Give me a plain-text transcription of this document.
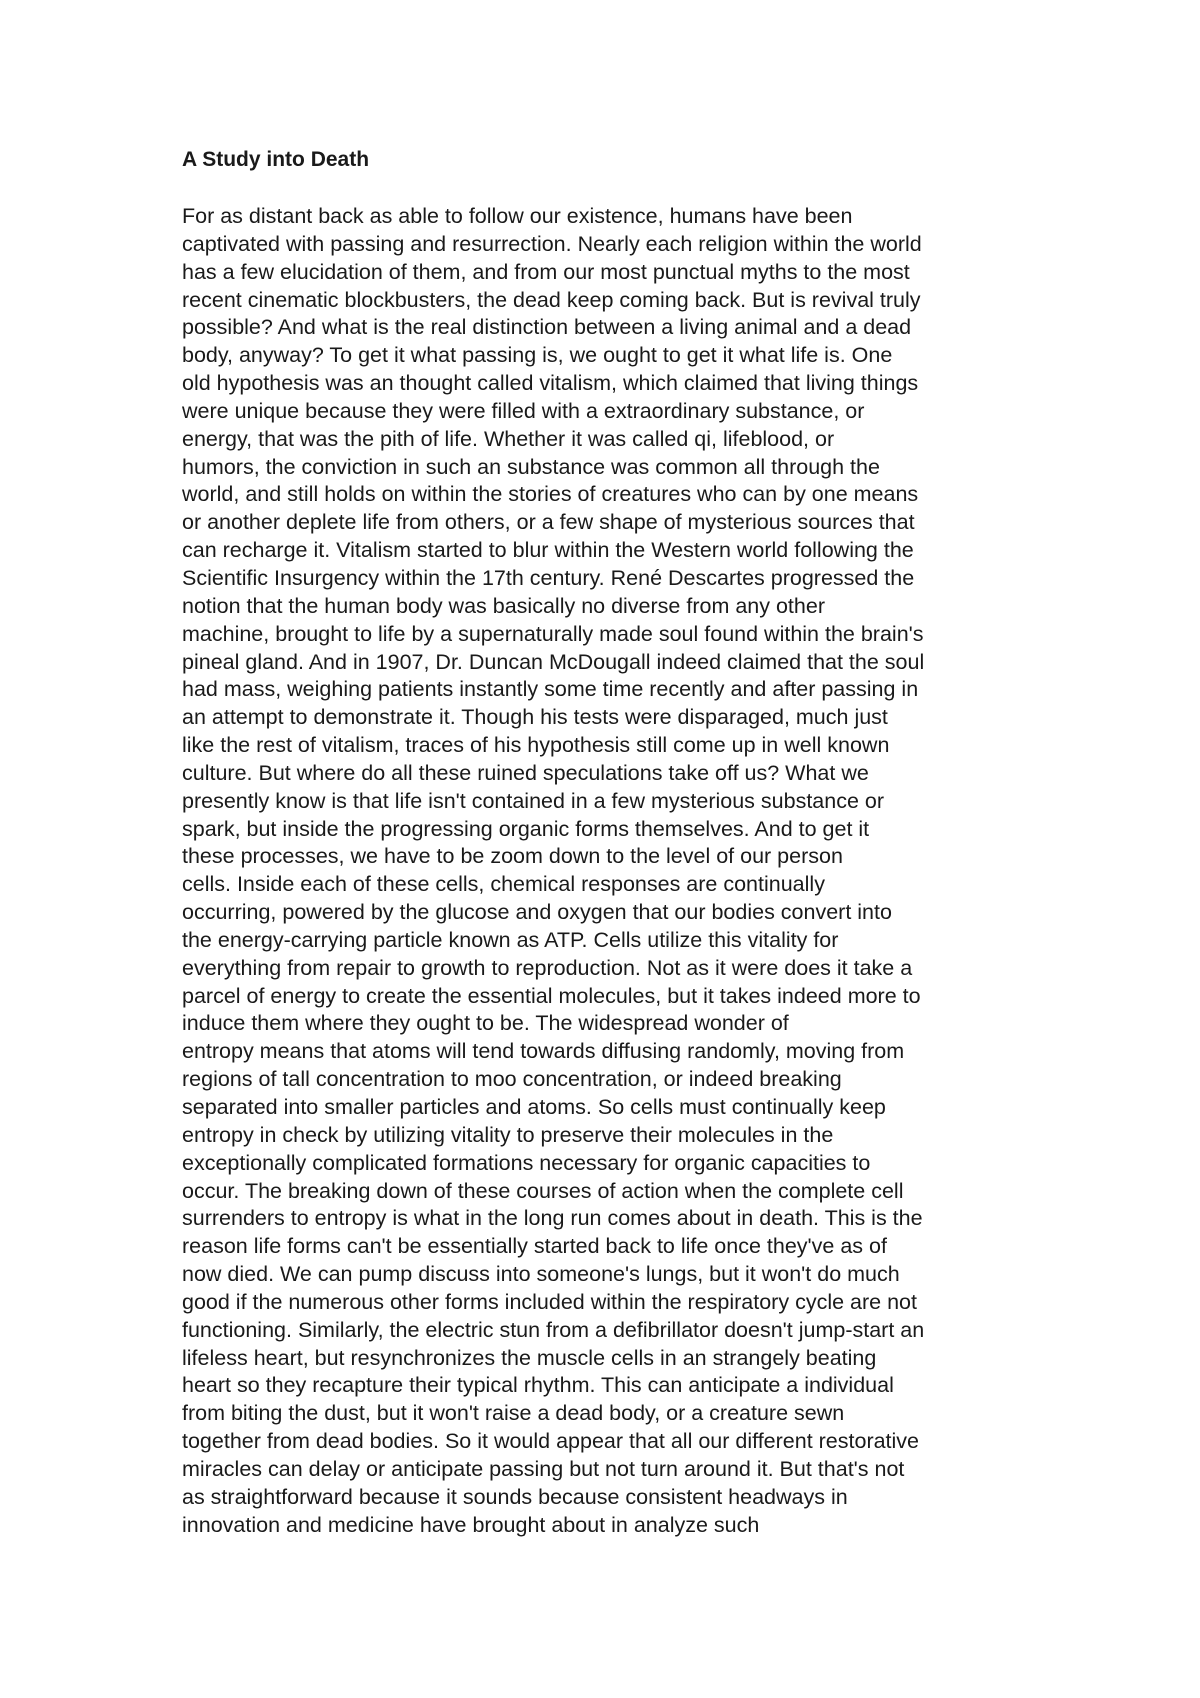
A Study into Death
For as distant back as able to follow our existence, humans have been
captivated with passing and resurrection. Nearly each religion within the world
has a few elucidation of them, and from our most punctual myths to the most
recent cinematic blockbusters, the dead keep coming back. But is revival truly
possible? And what is the real distinction between a living animal and a dead
body, anyway? To get it what passing is, we ought to get it what life is. One
old hypothesis was an thought called vitalism, which claimed that living things
were unique because they were filled with a extraordinary substance, or
energy, that was the pith of life. Whether it was called qi, lifeblood, or
humors, the conviction in such an substance was common all through the
world, and still holds on within the stories of creatures who can by one means
or another deplete life from others, or a few shape of mysterious sources that
can recharge it. Vitalism started to blur within the Western world following the
Scientific Insurgency within the 17th century. René Descartes progressed the
notion that the human body was basically no diverse from any other
machine, brought to life by a supernaturally made soul found within the brain's
pineal gland. And in 1907, Dr. Duncan McDougall indeed claimed that the soul
had mass, weighing patients instantly some time recently and after passing in
an attempt to demonstrate it. Though his tests were disparaged, much just
like the rest of vitalism, traces of his hypothesis still come up in well known
culture. But where do all these ruined speculations take off us? What we
presently know is that life isn't contained in a few mysterious substance or
spark, but inside the progressing organic forms themselves. And to get it
these processes, we have to be zoom down to the level of our person
cells. Inside each of these cells, chemical responses are continually
occurring, powered by the glucose and oxygen that our bodies convert into
the energy-carrying particle known as ATP. Cells utilize this vitality for
everything from repair to growth to reproduction. Not as it were does it take a
parcel of energy to create the essential molecules, but it takes indeed more to
induce them where they ought to be. The widespread wonder of
entropy means that atoms will tend towards diffusing randomly, moving from
regions of tall concentration to moo concentration, or indeed breaking
separated into smaller particles and atoms. So cells must continually keep
entropy in check by utilizing vitality to preserve their molecules in the
exceptionally complicated formations necessary for organic capacities to
occur. The breaking down of these courses of action when the complete cell
surrenders to entropy is what in the long run comes about in death. This is the
reason life forms can't be essentially started back to life once they've as of
now died. We can pump discuss into someone's lungs, but it won't do much
good if the numerous other forms included within the respiratory cycle are not
functioning. Similarly, the electric stun from a defibrillator doesn't jump-start an
lifeless heart, but resynchronizes the muscle cells in an strangely beating
heart so they recapture their typical rhythm. This can anticipate a individual
from biting the dust, but it won't raise a dead body, or a creature sewn
together from dead bodies. So it would appear that all our different restorative
miracles can delay or anticipate passing but not turn around it. But that's not
as straightforward because it sounds because consistent headways in
innovation and medicine have brought about in analyze such
